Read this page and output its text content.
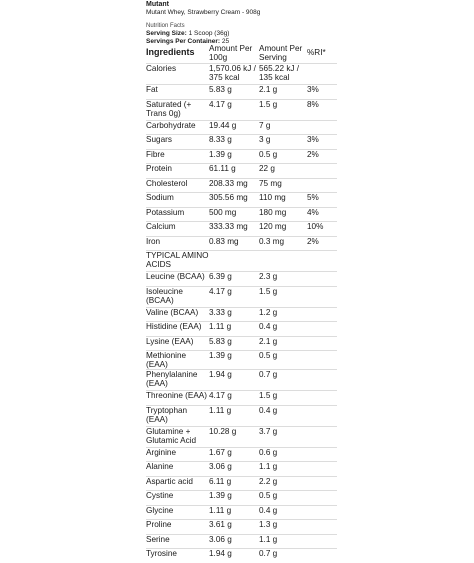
Mutant
Mutant Whey, Strawberry Cream - 908g
Nutrition Facts
Serving Size: 1 Scoop (36g)
Servings Per Container: 25
Ingredients	Amount Per 100g	Amount Per Serving	%RI*
Calories	1,570.06 kJ / 375 kcal	565.22 kJ / 135 kcal	
Fat	5.83 g	2.1 g	3%
Saturated (+ Trans 0g)	4.17 g	1.5 g	8%
Carbohydrate	19.44 g	7 g	
Sugars	8.33 g	3 g	3%
Fibre	1.39 g	0.5 g	2%
Protein	61.11 g	22 g	
Cholesterol	208.33 mg	75 mg	
Sodium	305.56 mg	110 mg	5%
Potassium	500 mg	180 mg	4%
Calcium	333.33 mg	120 mg	10%
Iron	0.83 mg	0.3 mg	2%
TYPICAL AMINO ACIDS			
Leucine (BCAA)	6.39 g	2.3 g	
Isoleucine (BCAA)	4.17 g	1.5 g	
Valine (BCAA)	3.33 g	1.2 g	
Histidine (EAA)	1.11 g	0.4 g	
Lysine (EAA)	5.83 g	2.1 g	
Methionine (EAA)	1.39 g	0.5 g	
Phenylalanine (EAA)	1.94 g	0.7 g	
Threonine (EAA)	4.17 g	1.5 g	
Tryptophan (EAA)	1.11 g	0.4 g	
Glutamine + Glutamic Acid	10.28 g	3.7 g	
Arginine	1.67 g	0.6 g	
Alanine	3.06 g	1.1 g	
Aspartic acid	6.11 g	2.2 g	
Cystine	1.39 g	0.5 g	
Glycine	1.11 g	0.4 g	
Proline	3.61 g	1.3 g	
Serine	3.06 g	1.1 g	
Tyrosine	1.94 g	0.7 g	
